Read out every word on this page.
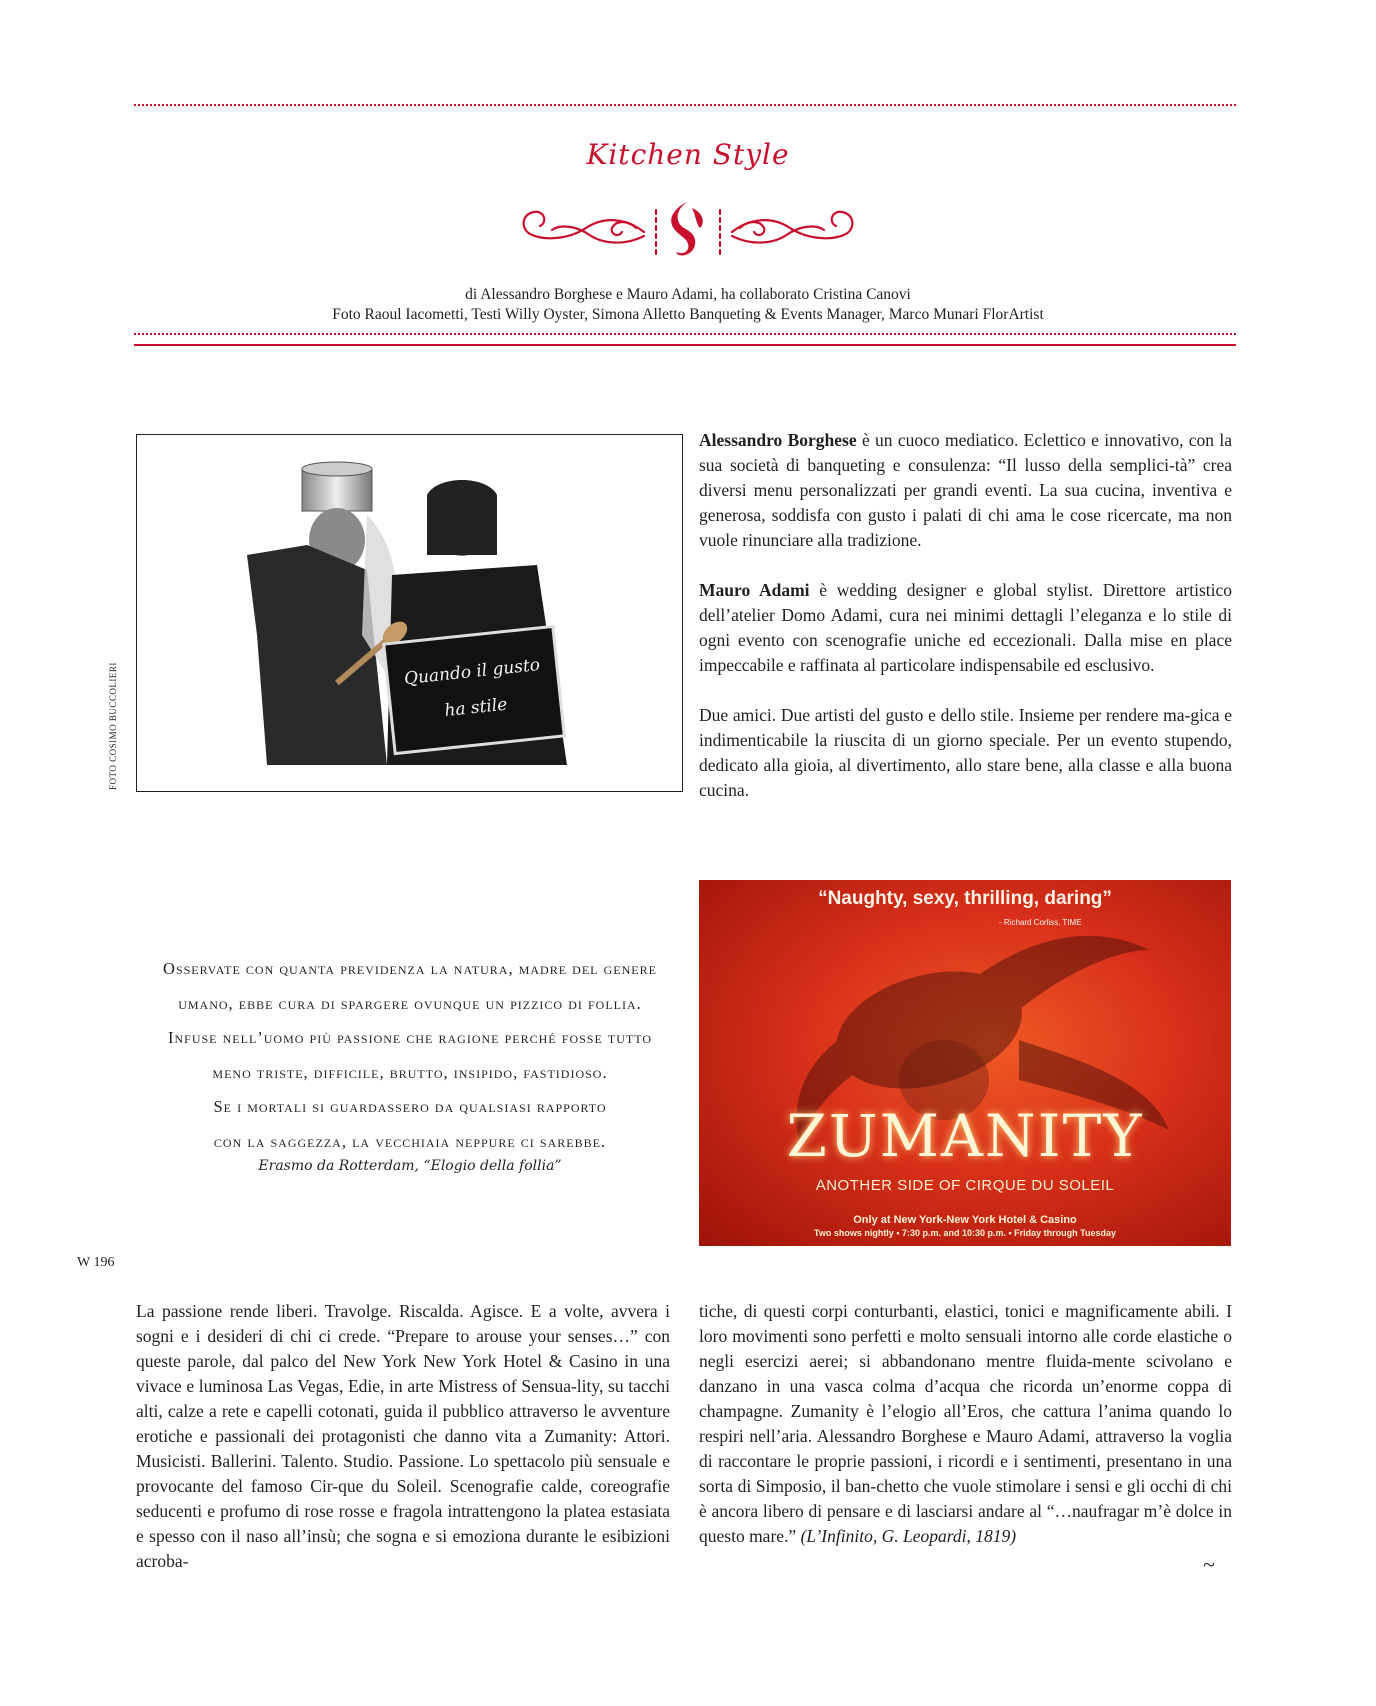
Kitchen Style
di Alessandro Borghese e Mauro Adami, ha collaborato Cristina Canovi
Foto Raoul Iacometti, Testi Willy Oyster, Simona Alletto Banqueting & Events Manager, Marco Munari FlorArtist
Quando il gusto
ha stile
FOTO COSIMO BUCCOLIERI

Alessandro Borghese è un cuoco mediatico. Eclettico e innovativo, con la sua società di banqueting e consulenza: “Il lusso della semplici-tà” crea diversi menu personalizzati per grandi eventi. La sua cucina, inventiva e generosa, soddisfa con gusto i palati di chi ama le cose ricercate, ma non vuole rinunciare alla tradizione.

Mauro Adami è wedding designer e global stylist. Direttore artistico dell’atelier Domo Adami, cura nei minimi dettagli l’eleganza e lo stile di ogni evento con scenografie uniche ed eccezionali. Dalla mise en place impeccabile e raffinata al particolare indispensabile ed esclusivo.

Due amici. Due artisti del gusto e dello stile. Insieme per rendere ma-gica e indimenticabile la riuscita di un giorno speciale. Per un evento stupendo, dedicato alla gioia, al divertimento, allo stare bene, alla classe e alla buona cucina.

Osservate con quanta previdenza la natura, madre del genere
umano, ebbe cura di spargere ovunque un pizzico di follia.
Infuse nell’uomo più passione che ragione perché fosse tutto
meno triste, difficile, brutto, insipido, fastidioso.
Se i mortali si guardassero da qualsiasi rapporto
con la saggezza, la vecchiaia neppure ci sarebbe.
Erasmo da Rotterdam, “Elogio della follia”
“Naughty, sexy, thrilling, daring”
- Richard Corliss, TIME
ZUMANITY
ANOTHER SIDE OF CIRQUE DU SOLEIL
Only at New York-New York Hotel & Casino
Two shows nightly • 7:30 p.m. and 10:30 p.m. • Friday through Tuesday
W 196
La passione rende liberi. Travolge. Riscalda. Agisce. E a volte, avvera i sogni e i desideri di chi ci crede. “Prepare to arouse your senses…” con queste parole, dal palco del New York New York Hotel & Casino in una vivace e luminosa Las Vegas, Edie, in arte Mistress of Sensua-lity, su tacchi alti, calze a rete e capelli cotonati, guida il pubblico attraverso le avventure erotiche e passionali dei protagonisti che danno vita a Zumanity: Attori. Musicisti. Ballerini. Talento. Studio. Passione. Lo spettacolo più sensuale e provocante del famoso Cir-que du Soleil. Scenografie calde, coreografie seducenti e profumo di rose rosse e fragola intrattengono la platea estasiata e spesso con il naso all’insù; che sogna e si emoziona durante le esibizioni acroba-
tiche, di questi corpi conturbanti, elastici, tonici e magnificamente abili. I loro movimenti sono perfetti e molto sensuali intorno alle corde elastiche o negli esercizi aerei; si abbandonano mentre fluida-mente scivolano e danzano in una vasca colma d’acqua che ricorda un’enorme coppa di champagne. Zumanity è l’elogio all’Eros, che cattura l’anima quando lo respiri nell’aria. Alessandro Borghese e Mauro Adami, attraverso la voglia di raccontare le proprie passioni, i ricordi e i sentimenti, presentano in una sorta di Simposio, il ban-chetto che vuole stimolare i sensi e gli occhi di chi è ancora libero di pensare e di lasciarsi andare al “…naufragar m’è dolce in questo mare.” (L’Infinito, G. Leopardi, 1819)
~
